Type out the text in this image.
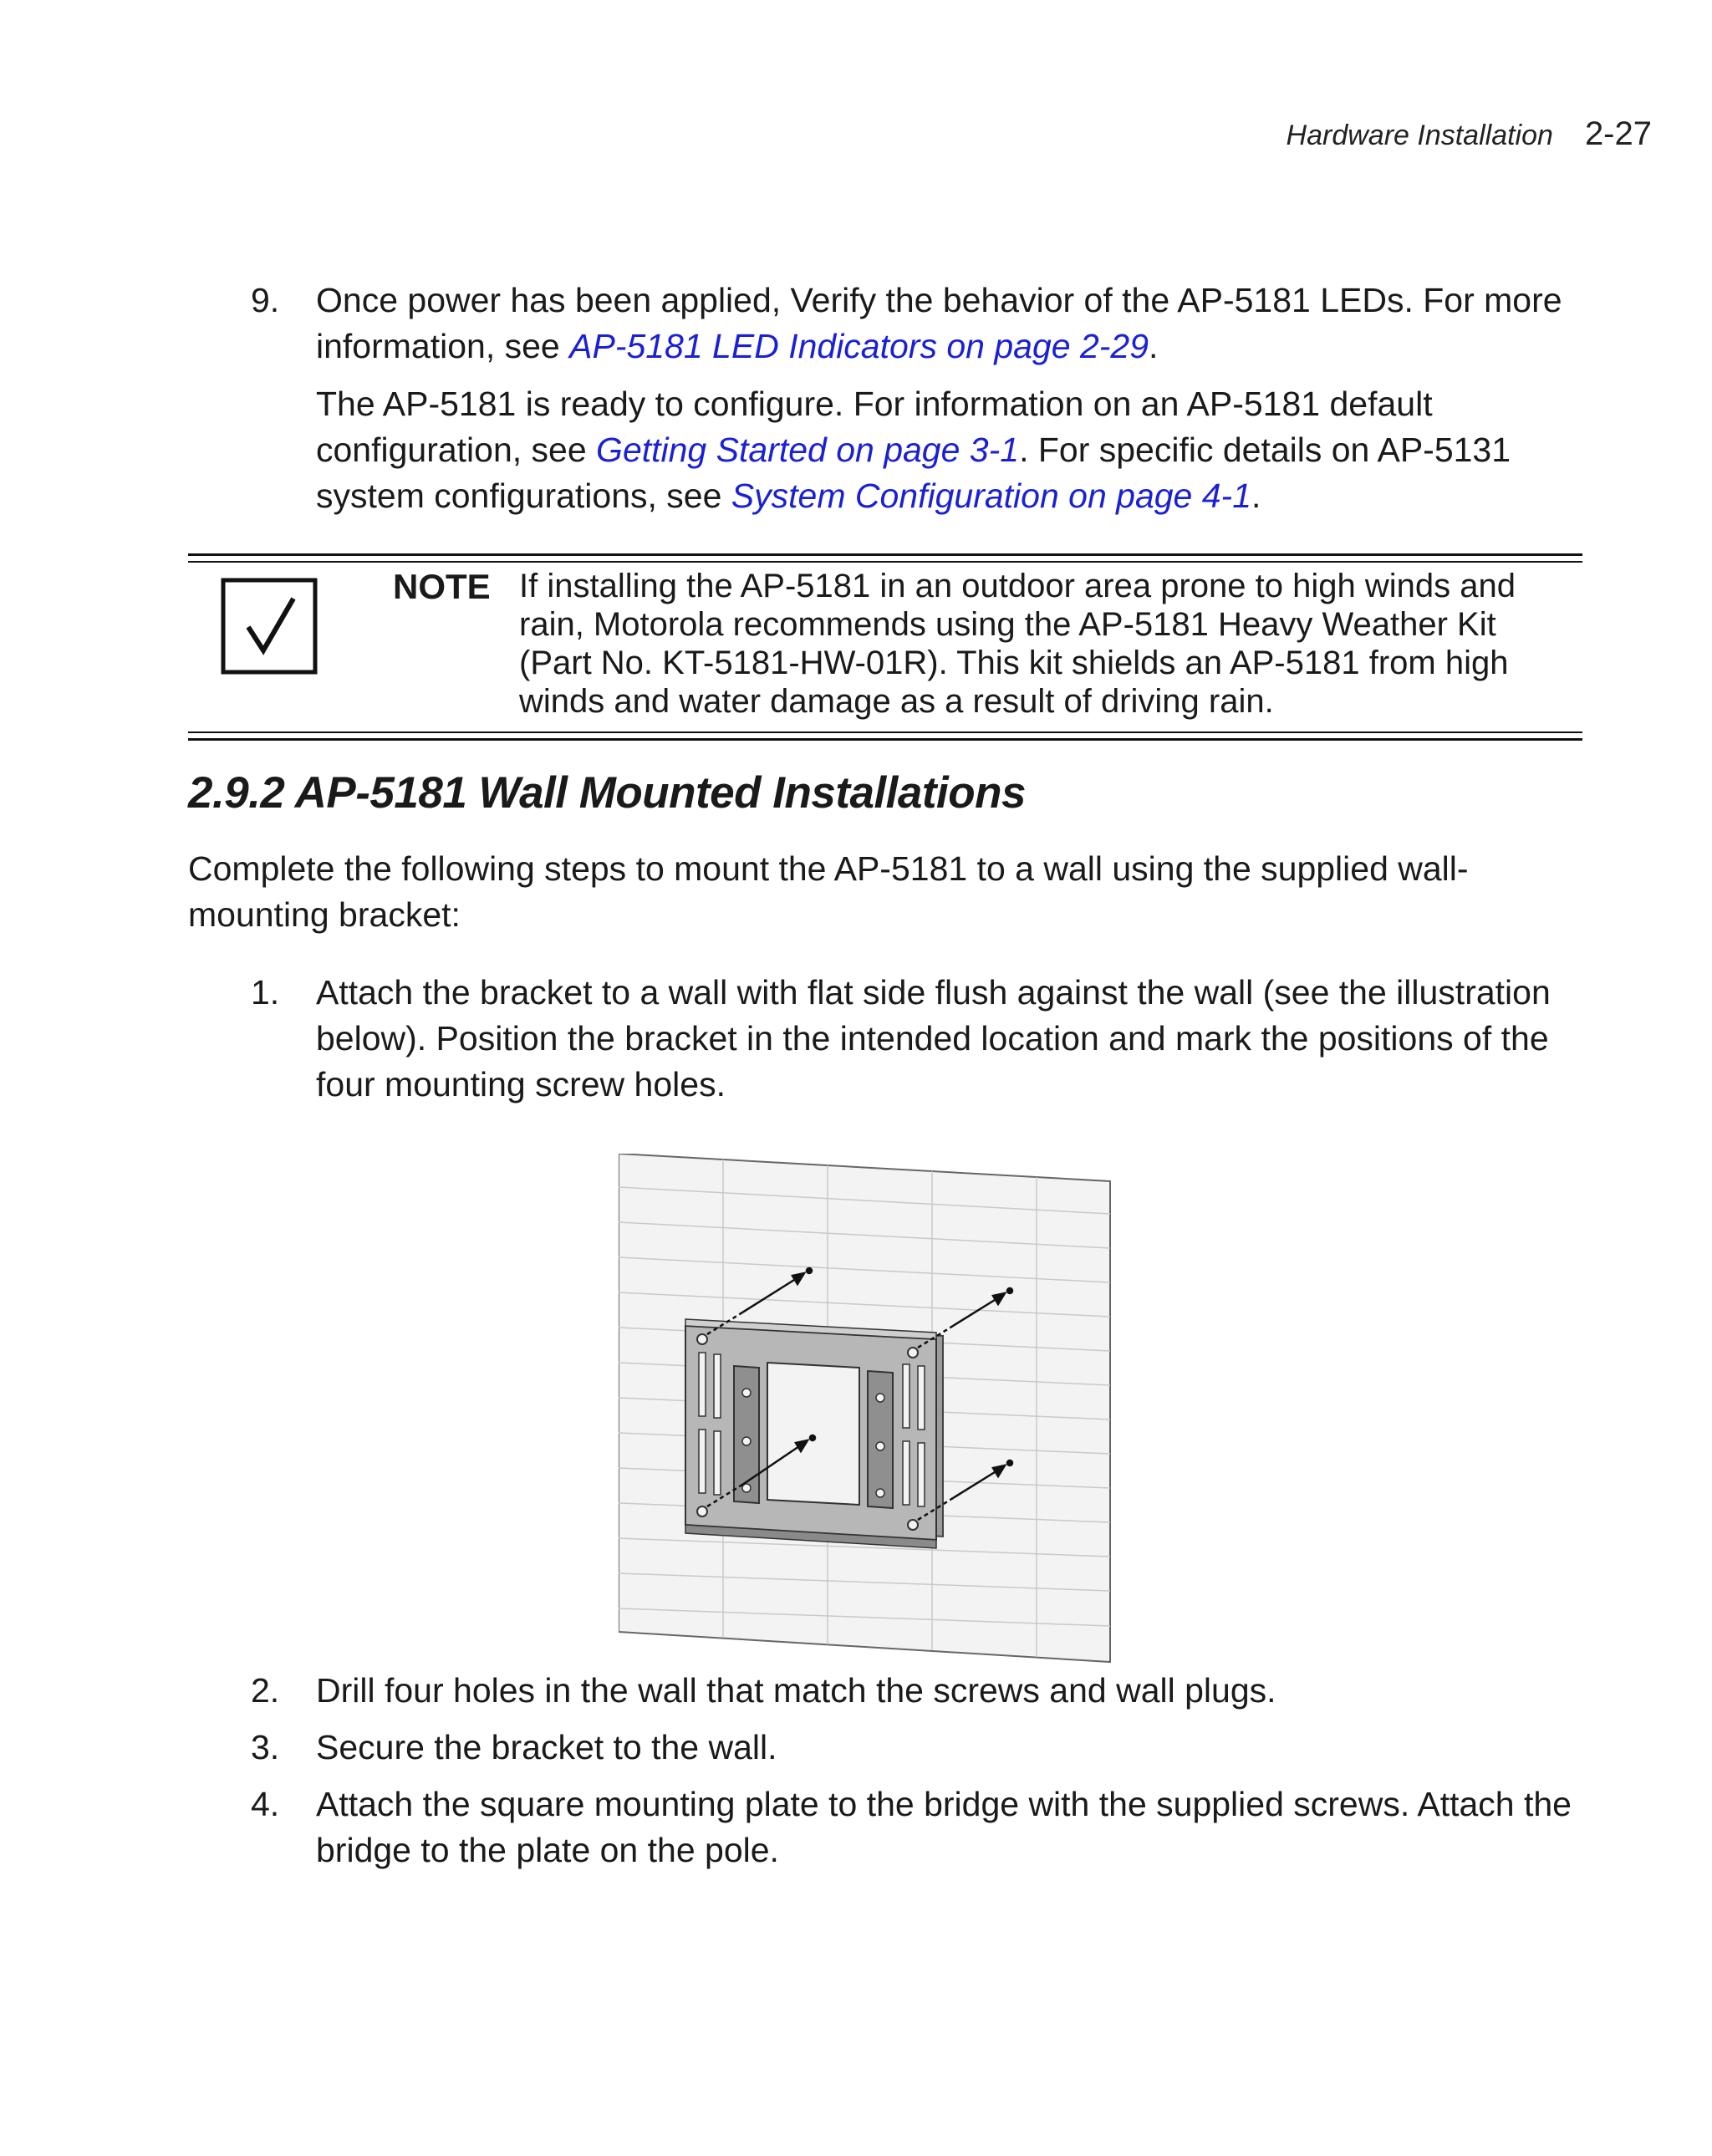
Hardware Installation 2-27
9.	Once power has been applied, Verify the behavior of the AP-5181 LEDs. For more information, see AP-5181 LED Indicators on page 2-29.
The AP-5181 is ready to configure. For information on an AP-5181 default configuration, see Getting Started on page 3-1. For specific details on AP-5131 system configurations, see System Configuration on page 4-1.
NOTE If installing the AP-5181 in an outdoor area prone to high winds and rain, Motorola recommends using the AP-5181 Heavy Weather Kit (Part No. KT-5181-HW-01R). This kit shields an AP-5181 from high winds and water damage as a result of driving rain.
2.9.2 AP-5181 Wall Mounted Installations
Complete the following steps to mount the AP-5181 to a wall using the supplied wall-mounting bracket:
1.	Attach the bracket to a wall with flat side flush against the wall (see the illustration below). Position the bracket in the intended location and mark the positions of the four mounting screw holes.
2.	Drill four holes in the wall that match the screws and wall plugs.
3.	Secure the bracket to the wall.
4.	Attach the square mounting plate to the bridge with the supplied screws. Attach the bridge to the plate on the pole.
